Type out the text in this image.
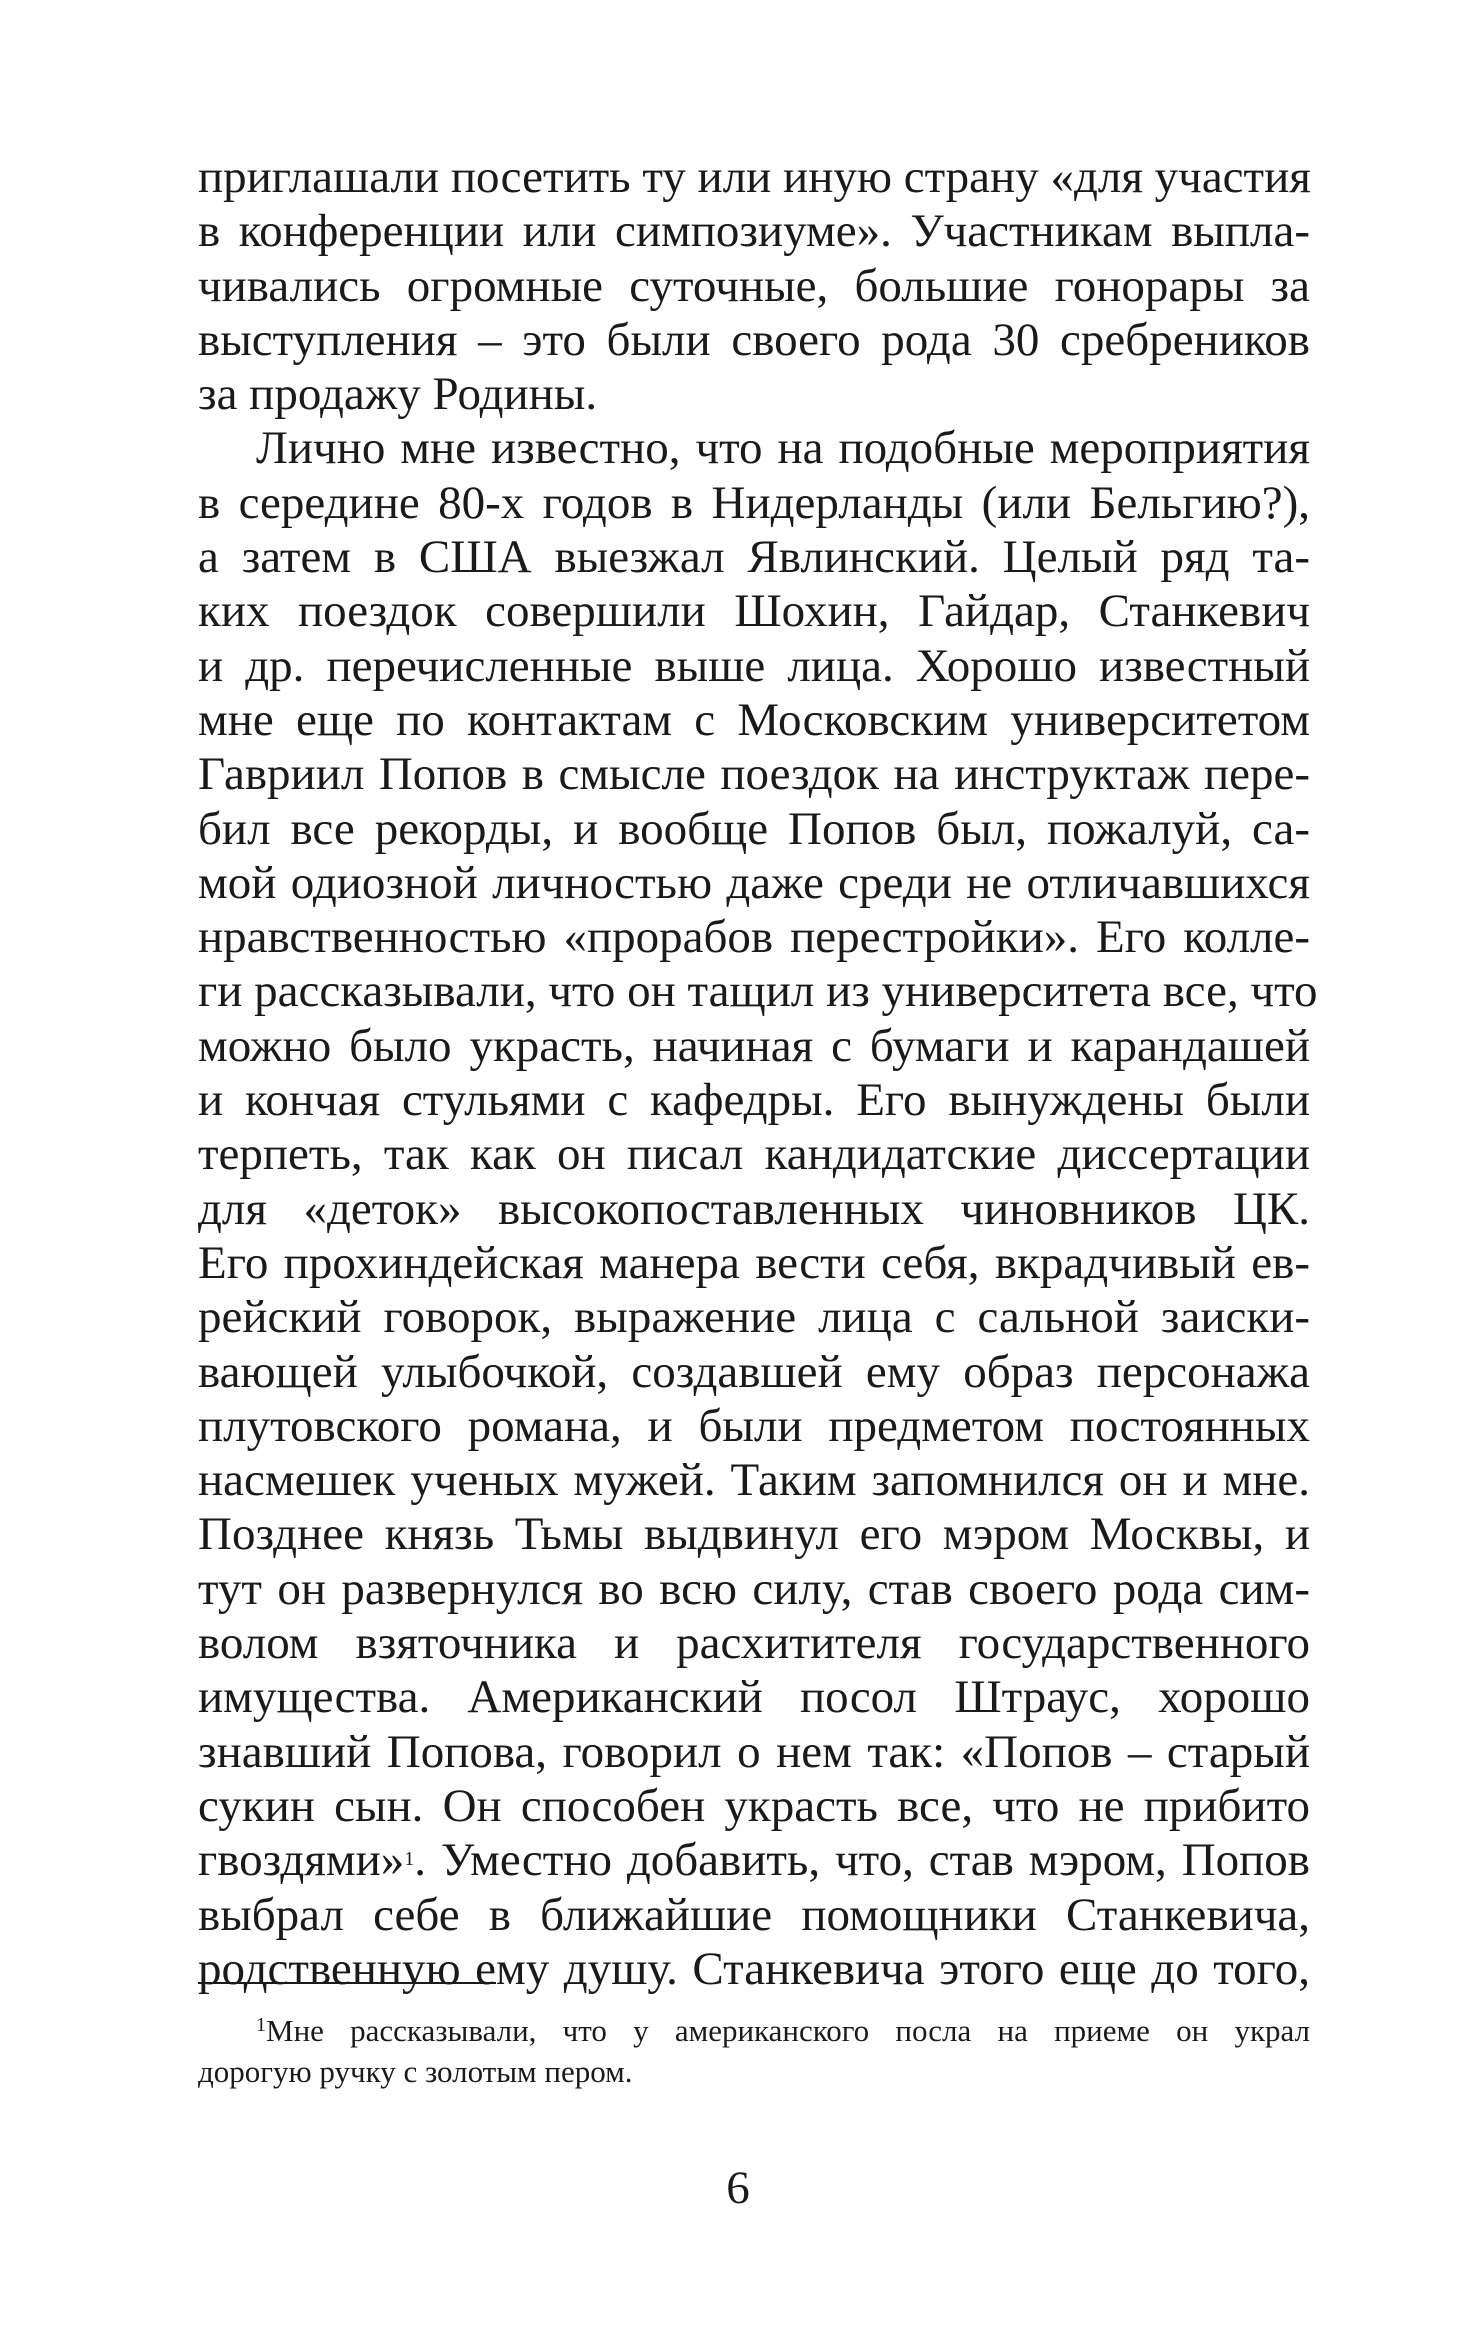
приглашали посетить ту или иную страну «для участия
в конференции или симпозиуме». Участникам выпла-
чивались огромные суточные, большие гонорары за
выступления – это были своего рода 30 сребреников
за продажу Родины.
Лично мне известно, что на подобные мероприятия
в середине 80-х годов в Нидерланды (или Бельгию?),
а затем в США выезжал Явлинский. Целый ряд та-
ких поездок совершили Шохин, Гайдар, Станкевич
и др. перечисленные выше лица. Хорошо известный
мне еще по контактам с Московским университетом
Гавриил Попов в смысле поездок на инструктаж пере-
бил все рекорды, и вообще Попов был, пожалуй, са-
мой одиозной личностью даже среди не отличавшихся
нравственностью «прорабов перестройки». Его колле-
ги рассказывали, что он тащил из университета все, что
можно было украсть, начиная с бумаги и карандашей
и кончая стульями с кафедры. Его вынуждены были
терпеть, так как он писал кандидатские диссертации
для «деток» высокопоставленных чиновников ЦК.
Его прохиндейская манера вести себя, вкрадчивый ев-
рейский говорок, выражение лица с сальной заиски-
вающей улыбочкой, создавшей ему образ персонажа
плутовского романа, и были предметом постоянных
насмешек ученых мужей. Таким запомнился он и мне.
Позднее князь Тьмы выдвинул его мэром Москвы, и
тут он развернулся во всю силу, став своего рода сим-
волом взяточника и расхитителя государственного
имущества. Американский посол Штраус, хорошо
знавший Попова, говорил о нем так: «Попов – старый
сукин сын. Он способен украсть все, что не прибито
гвоздями»$^1$. Уместно добавить, что, став мэром, Попов
выбрал себе в ближайшие помощники Станкевича,
родственную ему душу. Станкевича этого еще до того,
$^1$Мне рассказывали, что у американского посла на приеме он украл
дорогую ручку с золотым пером.
6
